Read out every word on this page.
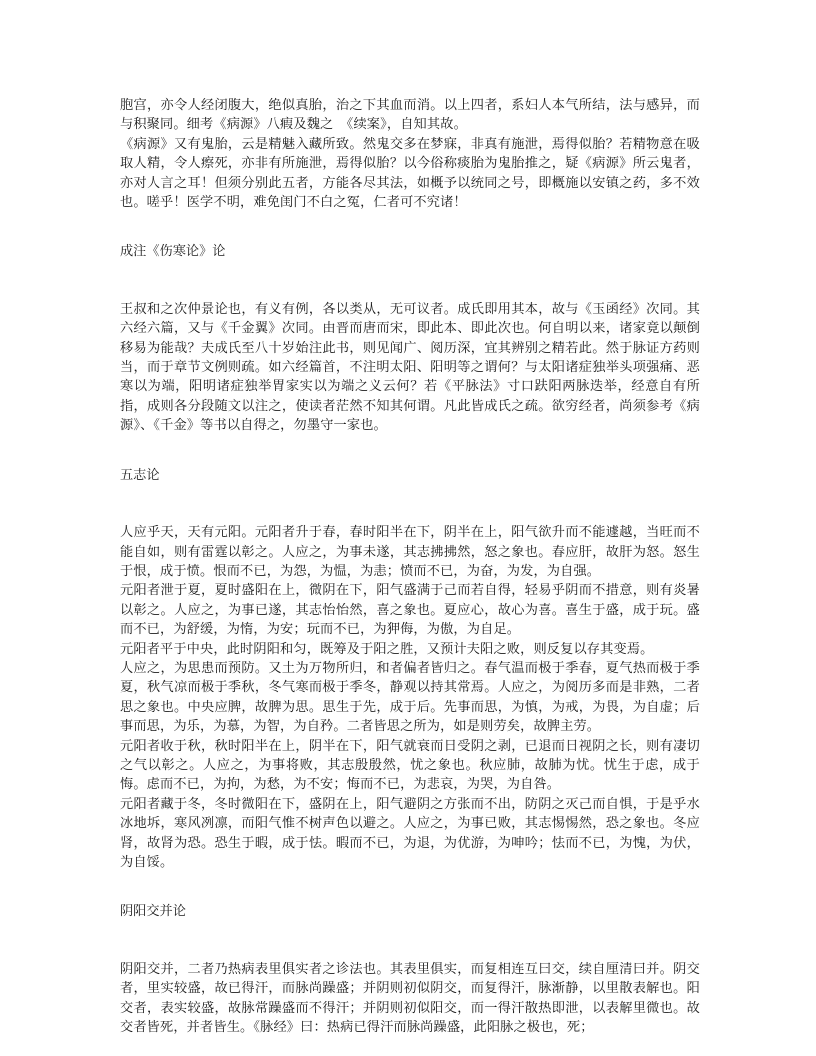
胞宫，亦令人经闭腹大，绝似真胎，治之下其血而消。以上四者，系妇人本气所结，法与感异，而与积聚同。细考《病源》八瘕及魏之　《续案》，自知其故。

《病源》又有鬼胎，云是精魅入藏所致。然鬼交多在梦寐，非真有施泄，焉得似胎？若精物意在吸取人精，令人瘵死，亦非有所施泄，焉得似胎？以今俗称痰胎为鬼胎推之，疑《病源》所云鬼者，亦对人言之耳！但须分别此五者，方能各尽其法，如概予以统同之号，即概施以安镇之药，多不效也。嗟乎！医学不明，难免闺门不白之冤，仁者可不究诸！

成注《伤寒论》论

王叔和之次仲景论也，有义有例，各以类从，无可议者。成氏即用其本，故与《玉函经》次同。其六经六篇，又与《千金翼》次同。由晋而唐而宋，即此本、即此次也。何自明以来，诸家竟以颠倒移易为能哉？夫成氏至八十岁始注此书，则见闻广、阅历深，宜其辨别之精若此。然于脉证方药则当，而于章节文例则疏。如六经篇首，不注明太阳、阳明等之谓何？与太阳诸症独举头项强痛、恶寒以为端，阳明诸症独举胃家实以为端之义云何？若《平脉法》寸口趺阳两脉迭举，经意自有所指，成则各分段随文以注之，使读者茫然不知其何谓。凡此皆成氏之疏。欲穷经者，尚须参考《病源》、《千金》等书以自得之，勿墨守一家也。

五志论

人应乎天，天有元阳。元阳者升于春，春时阳半在下，阴半在上，阳气欲升而不能遽越，当旺而不能自如，则有雷霆以彰之。人应之，为事未遂，其志拂拂然，怒之象也。春应肝，故肝为怒。怒生于恨，成于愤。恨而不已，为怨，为愠，为恚；愤而不已，为奋，为发，为自强。

元阳者泄于夏，夏时盛阳在上，微阴在下，阳气盛满于己而若自得，轻易乎阴而不措意，则有炎暑以彰之。人应之，为事已遂，其志怡怡然，喜之象也。夏应心，故心为喜。喜生于盛，成于玩。盛而不已，为舒缓，为惰，为安；玩而不已，为狎侮，为傲，为自足。

元阳者平于中央，此时阴阳和匀，既筹及于阳之胜，又预计夫阳之败，则反复以存其变焉。

人应之，为思患而预防。又土为万物所归，和者偏者皆归之。春气温而极于季春，夏气热而极于季夏，秋气凉而极于季秋，冬气寒而极于季冬，静观以持其常焉。人应之，为阅历多而是非熟，二者思之象也。中央应脾，故脾为思。思生于先，成于后。先事而思，为慎，为戒，为畏，为自虚；后事而思，为乐，为慕，为智，为自矜。二者皆思之所为，如是则劳矣，故脾主劳。

元阳者收于秋，秋时阳半在上，阴半在下，阳气就衰而日受阴之剥，已退而日视阴之长，则有凄切之气以彰之。人应之，为事将败，其志殷殷然，忧之象也。秋应肺，故肺为忧。忧生于虑，成于悔。虑而不已，为拘，为愁，为不安；悔而不已，为悲哀，为哭，为自咎。

元阳者藏于冬，冬时微阳在下，盛阴在上，阳气避阴之方张而不出，防阴之灭己而自惧，于是乎水冰地坼，寒风冽凛，而阳气惟不树声色以避之。人应之，为事已败，其志惕惕然，恐之象也。冬应肾，故肾为恐。恐生于暇，成于怯。暇而不已，为退，为优游，为呻吟；怯而不已，为愧，为伏，为自馁。

阴阳交并论

阴阳交并，二者乃热病表里俱实者之诊法也。其表里俱实，而复相连互曰交，续自厘清曰并。阴交者，里实较盛，故已得汗，而脉尚躁盛；并阴则初似阴交，而复得汗，脉渐静，以里散表解也。阳交者，表实较盛，故脉常躁盛而不得汗；并阴则初似阳交，而一得汗散热即泄，以表解里微也。故交者皆死，并者皆生。《脉经》曰：热病已得汗而脉尚躁盛，此阳脉之极也，死；
